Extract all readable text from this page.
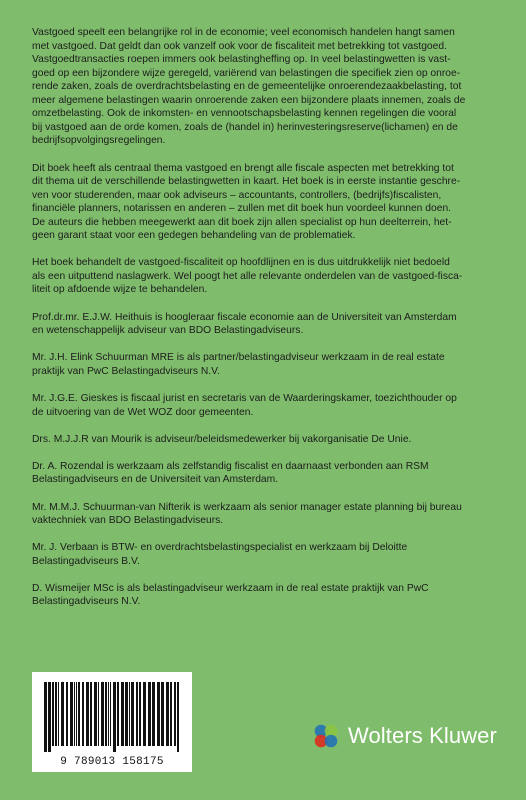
Vastgoed speelt een belangrijke rol in de economie; veel economisch handelen hangt samen
met vastgoed. Dat geldt dan ook vanzelf ook voor de fiscaliteit met betrekking tot vastgoed.
Vastgoedtransacties roepen immers ook belastingheffing op. In veel belastingwetten is vast-
goed op een bijzondere wijze geregeld, variërend van belastingen die specifiek zien op onroe-
rende zaken, zoals de overdrachtsbelasting en de gemeentelijke onroerendezaakbelasting, tot
meer algemene belastingen waarin onroerende zaken een bijzondere plaats innemen, zoals de
omzetbelasting. Ook de inkomsten- en vennootschapsbelasting kennen regelingen die vooral
bij vastgoed aan de orde komen, zoals de (handel in) herinvesteringsreserve(lichamen) en de
bedrijfsopvolgingsregelingen.

Dit boek heeft als centraal thema vastgoed en brengt alle fiscale aspecten met betrekking tot
dit thema uit de verschillende belastingwetten in kaart. Het boek is in eerste instantie geschre-
ven voor studerenden, maar ook adviseurs – accountants, controllers, (bedrijfs)fiscalisten,
financiële planners, notarissen en anderen – zullen met dit boek hun voordeel kunnen doen.
De auteurs die hebben meegewerkt aan dit boek zijn allen specialist op hun deelterrein, het-
geen garant staat voor een gedegen behandeling van de problematiek.

Het boek behandelt de vastgoed-fiscaliteit op hoofdlijnen en is dus uitdrukkelijk niet bedoeld
als een uitputtend naslagwerk. Wel poogt het alle relevante onderdelen van de vastgoed-fisca-
liteit op afdoende wijze te behandelen.

Prof.dr.mr. E.J.W. Heithuis is hoogleraar fiscale economie aan de Universiteit van Amsterdam
en wetenschappelijk adviseur van BDO Belastingadviseurs.

Mr. J.H. Elink Schuurman MRE is als partner/belastingadviseur werkzaam in de real estate
praktijk van PwC Belastingadviseurs N.V.

Mr. J.G.E. Gieskes is fiscaal jurist en secretaris van de Waarderingskamer, toezichthouder op
de uitvoering van de Wet WOZ door gemeenten.

Drs. M.J.J.R van Mourik is adviseur/beleidsmedewerker bij vakorganisatie De Unie.

Dr. A. Rozendal is werkzaam als zelfstandig fiscalist en daarnaast verbonden aan RSM
Belastingadviseurs en de Universiteit van Amsterdam.

Mr. M.M.J. Schuurman-van Nifterik is werkzaam als senior manager estate planning bij bureau
vaktechniek van BDO Belastingadviseurs.

Mr. J. Verbaan is BTW- en overdrachtsbelastingspecialist en werkzaam bij Deloitte
Belastingadviseurs B.V.

D. Wismeijer MSc is als belastingadviseur werkzaam in de real estate praktijk van PwC
Belastingadviseurs N.V.

9 789013 158175
Wolters Kluwer
